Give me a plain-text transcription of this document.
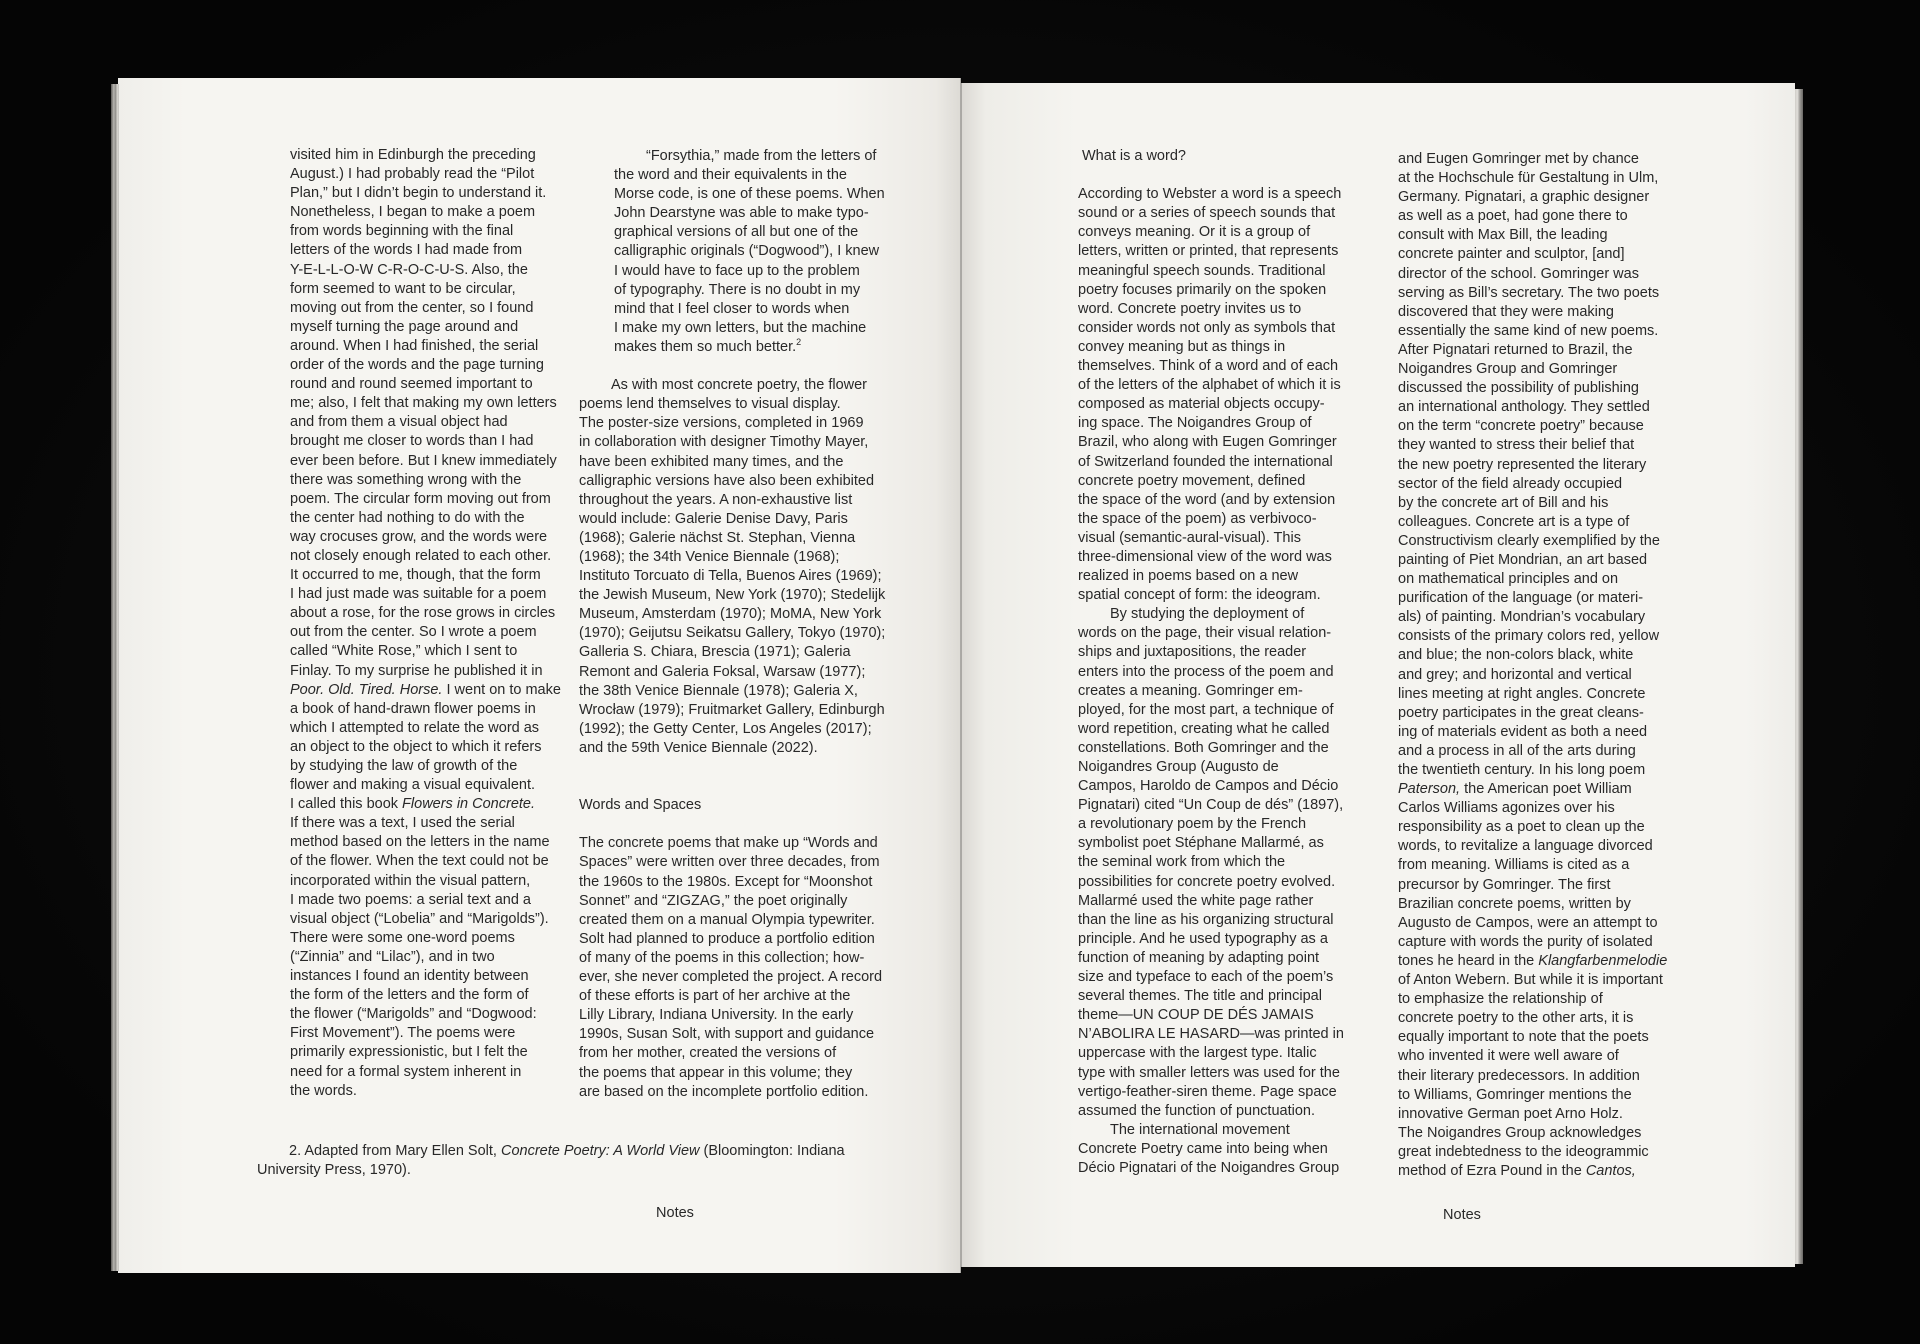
visited him in Edinburgh the preceding
August.) I had probably read the “Pilot
Plan,” but I didn’t begin to understand it.
Nonetheless, I began to make a poem
from words beginning with the final
letters of the words I had made from
Y-E-L-L-O-W C-R-O-C-U-S. Also, the
form seemed to want to be circular,
moving out from the center, so I found
myself turning the page around and
around. When I had finished, the serial
order of the words and the page turning
round and round seemed important to
me; also, I felt that making my own letters
and from them a visual object had
brought me closer to words than I had
ever been before. But I knew immediately
there was something wrong with the
poem. The circular form moving out from
the center had nothing to do with the
way crocuses grow, and the words were
not closely enough related to each other.
It occurred to me, though, that the form
I had just made was suitable for a poem
about a rose, for the rose grows in circles
out from the center. So I wrote a poem
called “White Rose,” which I sent to
Finlay. To my surprise he published it in
Poor. Old. Tired. Horse. I went on to make
a book of hand-drawn flower poems in
which I attempted to relate the word as
an object to the object to which it refers
by studying the law of growth of the
flower and making a visual equivalent.
I called this book Flowers in Concrete.
If there was a text, I used the serial
method based on the letters in the name
of the flower. When the text could not be
incorporated within the visual pattern,
I made two poems: a serial text and a
visual object (“Lobelia” and “Marigolds”).
There were some one-word poems
(“Zinnia” and “Lilac”), and in two
instances I found an identity between
the form of the letters and the form of
the flower (“Marigolds” and “Dogwood:
First Movement”). The poems were
primarily expressionistic, but I felt the
need for a formal system inherent in
the words.
“Forsythia,” made from the letters of
the word and their equivalents in the
Morse code, is one of these poems. When
John Dearstyne was able to make typo-
graphical versions of all but one of the
calligraphic originals (“Dogwood”), I knew
I would have to face up to the problem
of typography. There is no doubt in my
mind that I feel closer to words when
I make my own letters, but the machine
makes them so much better.$^2$
As with most concrete poetry, the flower
poems lend themselves to visual display.
The poster-size versions, completed in 1969
in collaboration with designer Timothy Mayer,
have been exhibited many times, and the
calligraphic versions have also been exhibited
throughout the years. A non-exhaustive list
would include: Galerie Denise Davy, Paris
(1968); Galerie nächst St. Stephan, Vienna
(1968); the 34th Venice Biennale (1968);
Instituto Torcuato di Tella, Buenos Aires (1969);
the Jewish Museum, New York (1970); Stedelijk
Museum, Amsterdam (1970); MoMA, New York
(1970); Geijutsu Seikatsu Gallery, Tokyo (1970);
Galleria S. Chiara, Brescia (1971); Galeria
Remont and Galeria Foksal, Warsaw (1977);
the 38th Venice Biennale (1978); Galeria X,
Wrocław (1979); Fruitmarket Gallery, Edinburgh
(1992); the Getty Center, Los Angeles (2017);
and the 59th Venice Biennale (2022).
Words and Spaces
The concrete poems that make up “Words and
Spaces” were written over three decades, from
the 1960s to the 1980s. Except for “Moonshot
Sonnet” and “ZIGZAG,” the poet originally
created them on a manual Olympia typewriter.
Solt had planned to produce a portfolio edition
of many of the poems in this collection; how-
ever, she never completed the project. A record
of these efforts is part of her archive at the
Lilly Library, Indiana University. In the early
1990s, Susan Solt, with support and guidance
from her mother, created the versions of
the poems that appear in this volume; they
are based on the incomplete portfolio edition.
2. Adapted from Mary Ellen Solt, Concrete Poetry: A World View (Bloomington: Indiana
University Press, 1970).
Notes
What is a word?
According to Webster a word is a speech
sound or a series of speech sounds that
conveys meaning. Or it is a group of
letters, written or printed, that represents
meaningful speech sounds. Traditional
poetry focuses primarily on the spoken
word. Concrete poetry invites us to
consider words not only as symbols that
convey meaning but as things in
themselves. Think of a word and of each
of the letters of the alphabet of which it is
composed as material objects occupy-
ing space. The Noigandres Group of
Brazil, who along with Eugen Gomringer
of Switzerland founded the international
concrete poetry movement, defined
the space of the word (and by extension
the space of the poem) as verbivoco-
visual (semantic-aural-visual). This
three-dimensional view of the word was
realized in poems based on a new
spatial concept of form: the ideogram.
By studying the deployment of
words on the page, their visual relation-
ships and juxtapositions, the reader
enters into the process of the poem and
creates a meaning. Gomringer em-
ployed, for the most part, a technique of
word repetition, creating what he called
constellations. Both Gomringer and the
Noigandres Group (Augusto de
Campos, Haroldo de Campos and Décio
Pignatari) cited “Un Coup de dés” (1897),
a revolutionary poem by the French
symbolist poet Stéphane Mallarmé, as
the seminal work from which the
possibilities for concrete poetry evolved.
Mallarmé used the white page rather
than the line as his organizing structural
principle. And he used typography as a
function of meaning by adapting point
size and typeface to each of the poem’s
several themes. The title and principal
theme—UN COUP DE DÉS JAMAIS
N’ABOLIRA LE HASARD—was printed in
uppercase with the largest type. Italic
type with smaller letters was used for the
vertigo-feather-siren theme. Page space
assumed the function of punctuation.
The international movement
Concrete Poetry came into being when
Décio Pignatari of the Noigandres Group
and Eugen Gomringer met by chance
at the Hochschule für Gestaltung in Ulm,
Germany. Pignatari, a graphic designer
as well as a poet, had gone there to
consult with Max Bill, the leading
concrete painter and sculptor, [and]
director of the school. Gomringer was
serving as Bill’s secretary. The two poets
discovered that they were making
essentially the same kind of new poems.
After Pignatari returned to Brazil, the
Noigandres Group and Gomringer
discussed the possibility of publishing
an international anthology. They settled
on the term “concrete poetry” because
they wanted to stress their belief that
the new poetry represented the literary
sector of the field already occupied
by the concrete art of Bill and his
colleagues. Concrete art is a type of
Constructivism clearly exemplified by the
painting of Piet Mondrian, an art based
on mathematical principles and on
purification of the language (or materi-
als) of painting. Mondrian’s vocabulary
consists of the primary colors red, yellow
and blue; the non-colors black, white
and grey; and horizontal and vertical
lines meeting at right angles. Concrete
poetry participates in the great cleans-
ing of materials evident as both a need
and a process in all of the arts during
the twentieth century. In his long poem
Paterson, the American poet William
Carlos Williams agonizes over his
responsibility as a poet to clean up the
words, to revitalize a language divorced
from meaning. Williams is cited as a
precursor by Gomringer. The first
Brazilian concrete poems, written by
Augusto de Campos, were an attempt to
capture with words the purity of isolated
tones he heard in the Klangfarbenmelodie
of Anton Webern. But while it is important
to emphasize the relationship of
concrete poetry to the other arts, it is
equally important to note that the poets
who invented it were well aware of
their literary predecessors. In addition
to Williams, Gomringer mentions the
innovative German poet Arno Holz.
The Noigandres Group acknowledges
great indebtedness to the ideogrammic
method of Ezra Pound in the Cantos,
Notes
